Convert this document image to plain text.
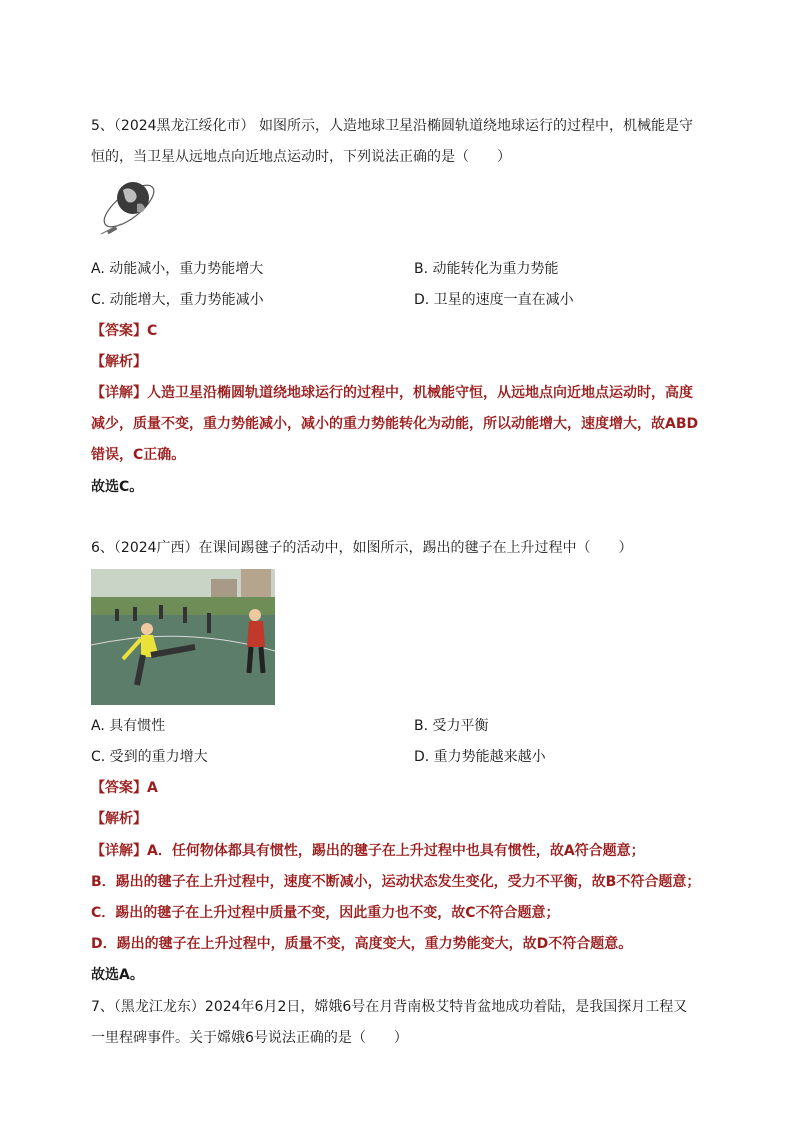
5、（2024黑龙江绥化市） 如图所示，人造地球卫星沿椭圆轨道绕地球运行的过程中，机械能是守
恒的，当卫星从远地点向近地点运动时，下列说法正确的是（　　）
A. 动能减小，重力势能增大	B. 动能转化为重力势能
C. 动能增大，重力势能减小	D. 卫星的速度一直在减小
【答案】C
【解析】
【详解】人造卫星沿椭圆轨道绕地球运行的过程中，机械能守恒，从远地点向近地点运动时，高度
减少，质量不变，重力势能减小，减小的重力势能转化为动能，所以动能增大，速度增大，故ABD
错误，C正确。
故选C。
6、（2024广西）在课间踢毽子的活动中，如图所示，踢出的毽子在上升过程中（　　）
A. 具有惯性	B. 受力平衡
C. 受到的重力增大	D. 重力势能越来越小
【答案】A
【解析】
【详解】A．任何物体都具有惯性，踢出的毽子在上升过程中也具有惯性，故A符合题意；
B．踢出的毽子在上升过程中，速度不断减小，运动状态发生变化，受力不平衡，故B不符合题意；
C．踢出的毽子在上升过程中质量不变，因此重力也不变，故C不符合题意；
D．踢出的毽子在上升过程中，质量不变，高度变大，重力势能变大，故D不符合题意。
故选A。
7、（黑龙江龙东）2024年6月2日，嫦娥6号在月背南极艾特肯盆地成功着陆，是我国探月工程又
一里程碑事件。关于嫦娥6号说法正确的是（　　）
